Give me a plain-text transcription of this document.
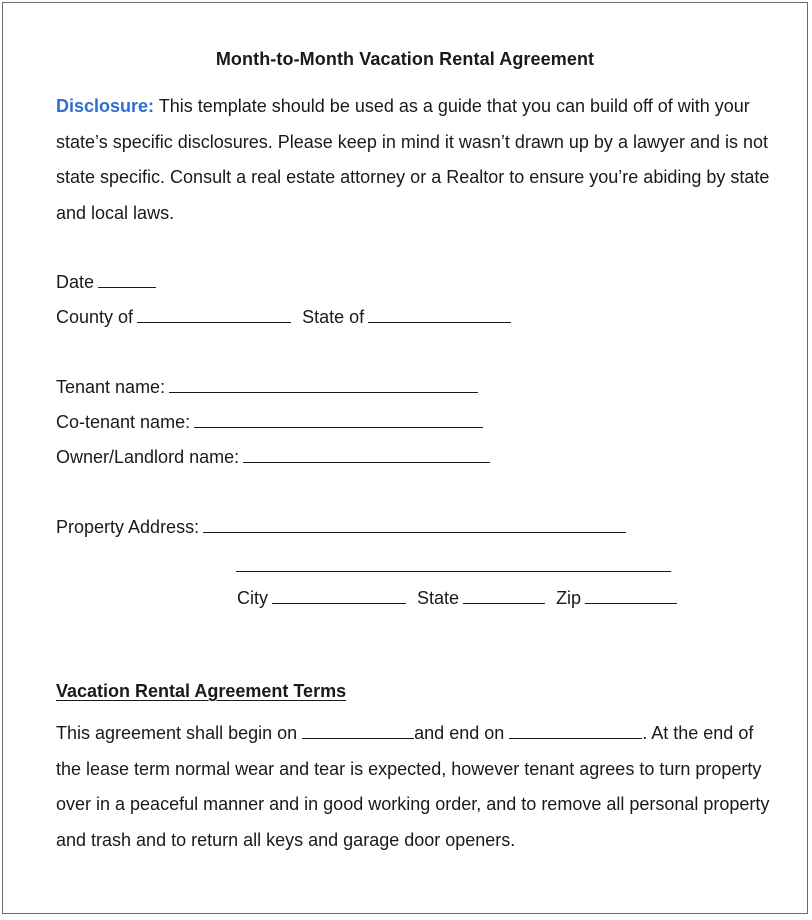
Month-to-Month Vacation Rental Agreement

Disclosure: This template should be used as a guide that you can build off of with your state’s specific disclosures. Please keep in mind it wasn’t drawn up by a lawyer and is not state specific. Consult a real estate attorney or a Realtor to ensure you’re abiding by state and local laws.

Date
County of	State of
Tenant name:
Co-tenant name:
Owner/Landlord name:
Property Address:
City	State	Zip
Vacation Rental Agreement Terms

This agreement shall begin on	and end on	. At the end of the lease term normal wear and tear is expected, however tenant agrees to turn property over in a peaceful manner and in good working order, and to remove all personal property and trash and to return all keys and garage door openers.
